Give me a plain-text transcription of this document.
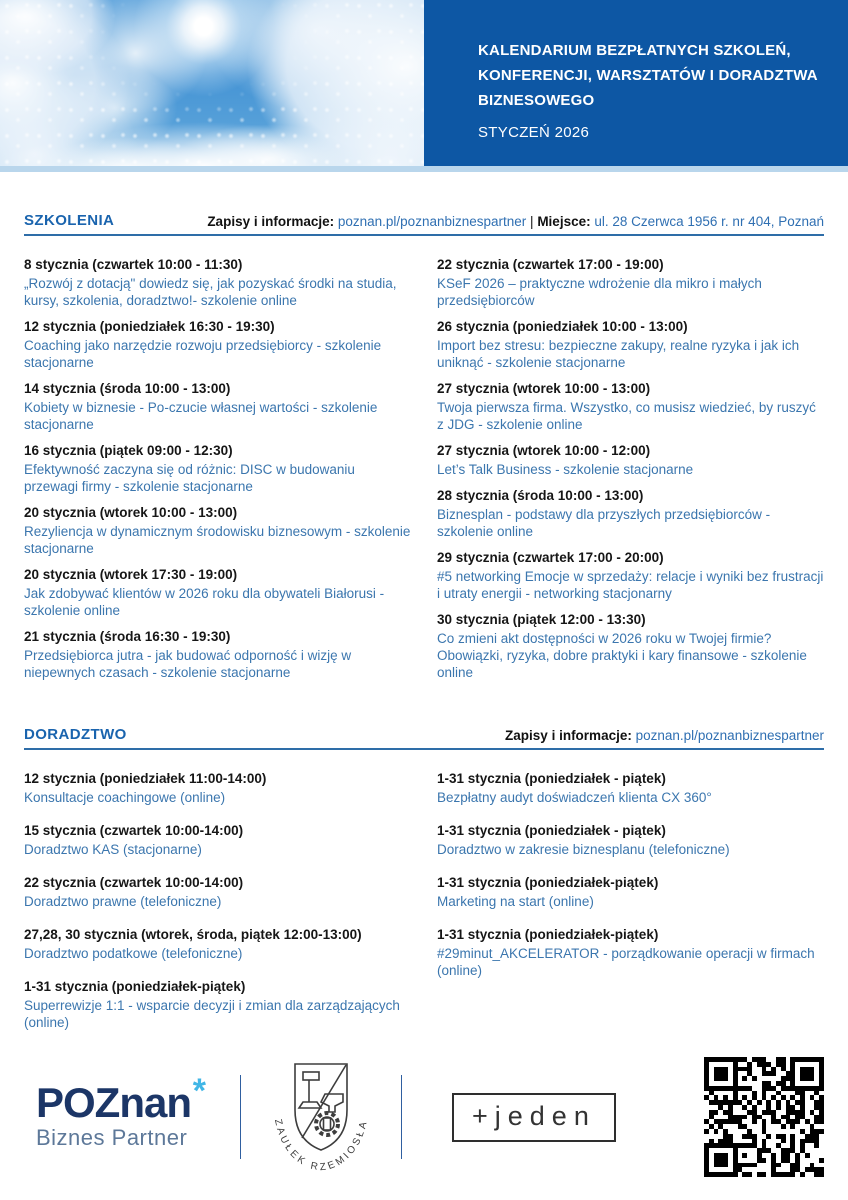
KALENDARIUM BEZPŁATNYCH SZKOLEŃ, KONFERENCJI, WARSZTATÓW I DORADZTWA BIZNESOWEGO
STYCZEŃ 2026
SZKOLENIA	Zapisy i informacje: poznan.pl/poznanbiznespartner | Miejsce: ul. 28 Czerwca 1956 r. nr 404, Poznań
8 stycznia (czwartek 10:00 - 11:30)
„Rozwój z dotacją" dowiedz się, jak pozyskać środki na studia, kursy, szkolenia, doradztwo!- szkolenie online
12 stycznia (poniedziałek 16:30 - 19:30)
Coaching jako narzędzie rozwoju przedsiębiorcy - szkolenie stacjonarne
14 stycznia (środa 10:00 - 13:00)
Kobiety w biznesie - Po-czucie własnej wartości - szkolenie stacjonarne
16 stycznia (piątek 09:00 - 12:30)
Efektywność zaczyna się od różnic: DISC w budowaniu przewagi firmy - szkolenie stacjonarne
20 stycznia (wtorek 10:00 - 13:00)
Rezyliencja w dynamicznym środowisku biznesowym - szkolenie stacjonarne
20 stycznia (wtorek 17:30 - 19:00)
Jak zdobywać klientów w 2026 roku dla obywateli Białorusi - szkolenie online
21 stycznia (środa 16:30 - 19:30)
Przedsiębiorca jutra - jak budować odporność i wizję w niepewnych czasach - szkolenie stacjonarne
22 stycznia (czwartek 17:00 - 19:00)
KSeF 2026 – praktyczne wdrożenie dla mikro i małych przedsiębiorców
26 stycznia (poniedziałek 10:00 - 13:00)
Import bez stresu: bezpieczne zakupy, realne ryzyka i jak ich uniknąć - szkolenie stacjonarne
27 stycznia (wtorek 10:00 - 13:00)
Twoja pierwsza firma. Wszystko, co musisz wiedzieć, by ruszyć z JDG - szkolenie online
27 stycznia (wtorek 10:00 - 12:00)
Let’s Talk Business - szkolenie stacjonarne
28 stycznia (środa 10:00 - 13:00)
Biznesplan - podstawy dla przyszłych przedsiębiorców - szkolenie online
29 stycznia (czwartek 17:00 - 20:00)
#5 networking Emocje w sprzedaży: relacje i wyniki bez frustracji i utraty energii - networking stacjonarny
30 stycznia (piątek 12:00 - 13:30)
Co zmieni akt dostępności w 2026 roku w Twojej firmie? Obowiązki, ryzyka, dobre praktyki i kary finansowe - szkolenie online
DORADZTWO	Zapisy i informacje: poznan.pl/poznanbiznespartner
12 stycznia (poniedziałek 11:00-14:00)
Konsultacje coachingowe (online)
15 stycznia (czwartek 10:00-14:00)
Doradztwo KAS (stacjonarne)
22 stycznia (czwartek 10:00-14:00)
Doradztwo prawne (telefoniczne)
27,28, 30 stycznia (wtorek, środa, piątek 12:00-13:00)
Doradztwo podatkowe (telefoniczne)
1-31 stycznia (poniedziałek-piątek)
Superrewizje 1:1 - wsparcie decyzji i zmian dla zarządzających (online)
1-31 stycznia (poniedziałek - piątek)
Bezpłatny audyt doświadczeń klienta CX 360°
1-31 stycznia (poniedziałek - piątek)
Doradztwo w zakresie biznesplanu (telefoniczne)
1-31 stycznia (poniedziałek-piątek)
Marketing na start (online)
1-31 stycznia (poniedziałek-piątek)
#29minut_AKCELERATOR - porządkowanie operacji w firmach (online)
POZnan *
Biznes Partner
ZAUŁEK RZEMIOSŁA	+jeden
